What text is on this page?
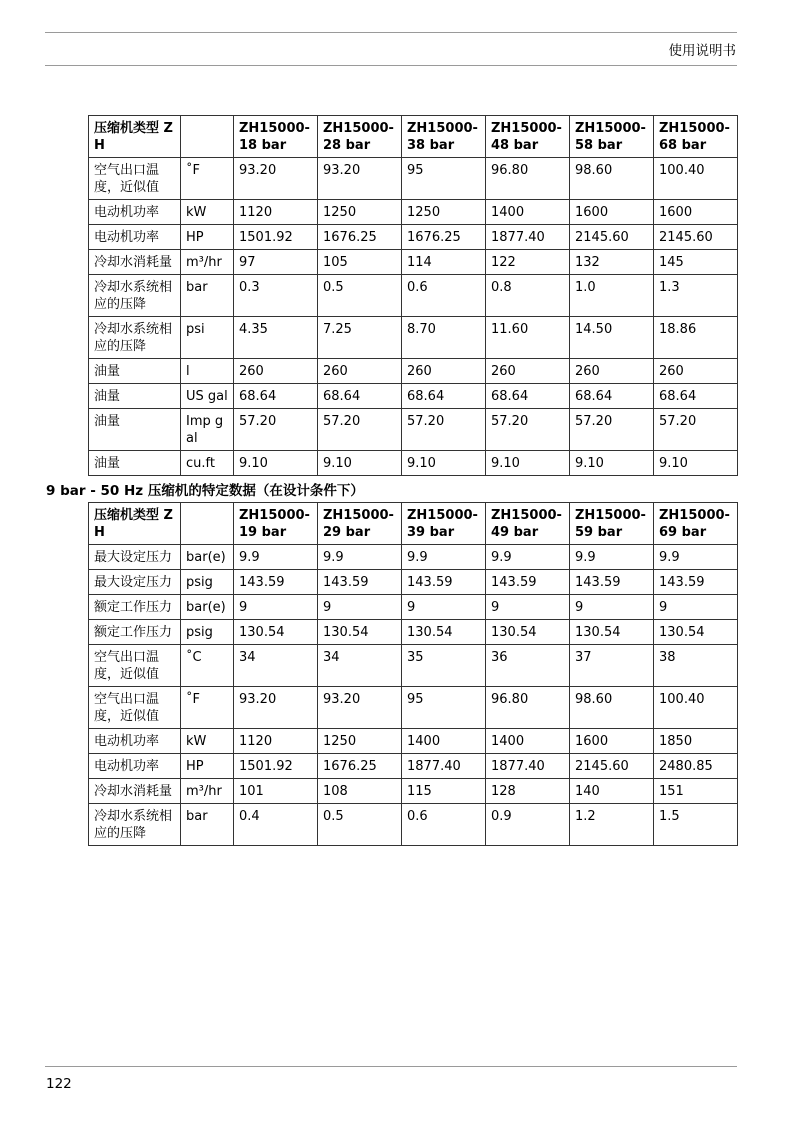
使用说明书
压缩机类型 ZH		ZH15000-18 bar	ZH15000-28 bar	ZH15000-38 bar	ZH15000-48 bar	ZH15000-58 bar	ZH15000-68 bar
空气出口温度，近似值	˚F	93.20	93.20	95	96.80	98.60	100.40
电动机功率	kW	1120	1250	1250	1400	1600	1600
电动机功率	HP	1501.92	1676.25	1676.25	1877.40	2145.60	2145.60
冷却水消耗量	m³/hr	97	105	114	122	132	145
冷却水系统相应的压降	bar	0.3	0.5	0.6	0.8	1.0	1.3
冷却水系统相应的压降	psi	4.35	7.25	8.70	11.60	14.50	18.86
油量	l	260	260	260	260	260	260
油量	US gal	68.64	68.64	68.64	68.64	68.64	68.64
油量	Imp gal	57.20	57.20	57.20	57.20	57.20	57.20
油量	cu.ft	9.10	9.10	9.10	9.10	9.10	9.10
9 bar - 50 Hz 压缩机的特定数据（在设计条件下）
压缩机类型 ZH		ZH15000-19 bar	ZH15000-29 bar	ZH15000-39 bar	ZH15000-49 bar	ZH15000-59 bar	ZH15000-69 bar
最大设定压力	bar(e)	9.9	9.9	9.9	9.9	9.9	9.9
最大设定压力	psig	143.59	143.59	143.59	143.59	143.59	143.59
额定工作压力	bar(e)	9	9	9	9	9	9
额定工作压力	psig	130.54	130.54	130.54	130.54	130.54	130.54
空气出口温度，近似值	˚C	34	34	35	36	37	38
空气出口温度，近似值	˚F	93.20	93.20	95	96.80	98.60	100.40
电动机功率	kW	1120	1250	1400	1400	1600	1850
电动机功率	HP	1501.92	1676.25	1877.40	1877.40	2145.60	2480.85
冷却水消耗量	m³/hr	101	108	115	128	140	151
冷却水系统相应的压降	bar	0.4	0.5	0.6	0.9	1.2	1.5
122
